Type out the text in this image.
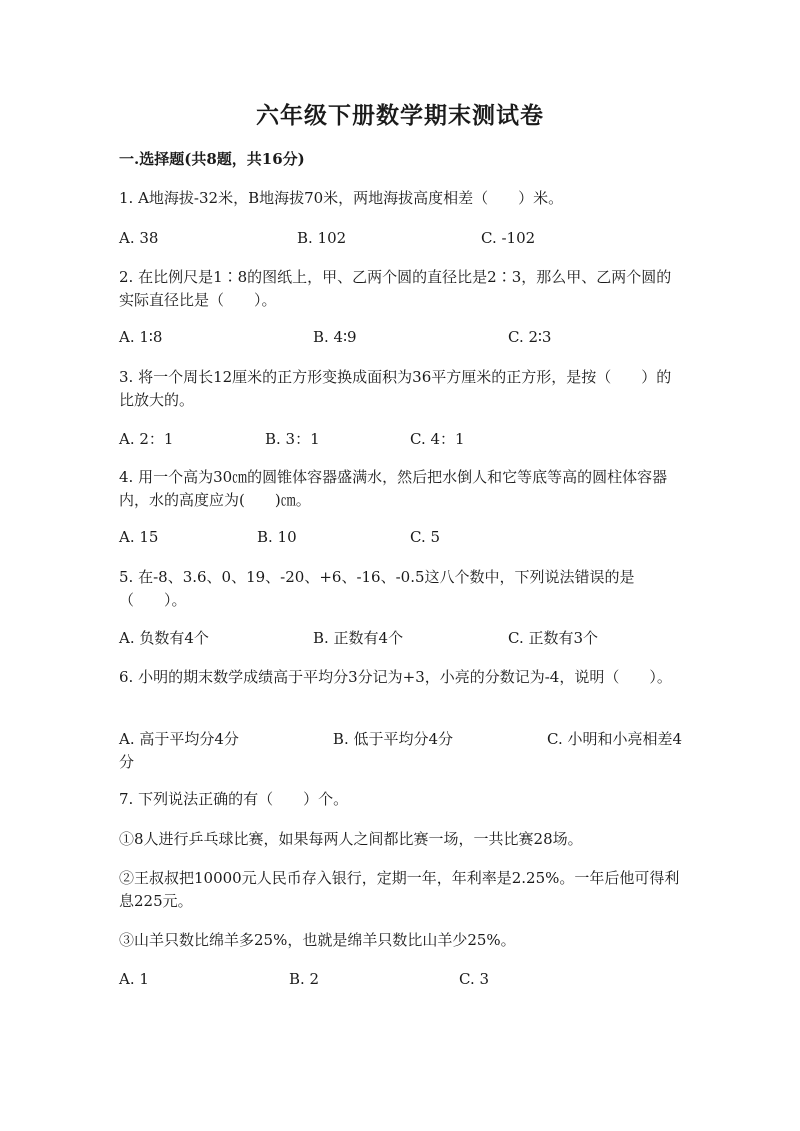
六年级下册数学期末测试卷
一.选择题(共8题，共16分)
1. A地海拔-32米，B地海拔70米，两地海拔高度相差（　　）米。
A. 38	B. 102	C. -102
2. 在比例尺是1∶8的图纸上，甲、乙两个圆的直径比是2∶3，那么甲、乙两个圆的实际直径比是（　　）。
A. 1∶8	B. 4∶9	C. 2∶3
3. 将一个周长12厘米的正方形变换成面积为36平方厘米的正方形，是按（　　）的比放大的。
A. 2：1	B. 3：1	C. 4：1
4. 用一个高为30㎝的圆锥体容器盛满水，然后把水倒人和它等底等高的圆柱体容器内，水的高度应为(　　)㎝。
A. 15	B. 10	C. 5
5. 在-8、3.6、0、19、-20、+6、-16、-0.5这八个数中，下列说法错误的是（　　）。
A. 负数有4个	B. 正数有4个	C. 正数有3个
6. 小明的期末数学成绩高于平均分3分记为+3，小亮的分数记为-4，说明（　　）。
A. 高于平均分4分	B. 低于平均分4分	C. 小明和小亮相差4分
7. 下列说法正确的有（　　）个。
①8人进行乒乓球比赛，如果每两人之间都比赛一场，一共比赛28场。
②王叔叔把10000元人民币存入银行，定期一年，年利率是2.25%。一年后他可得利息225元。
③山羊只数比绵羊多25%，也就是绵羊只数比山羊少25%。
A. 1	B. 2	C. 3
